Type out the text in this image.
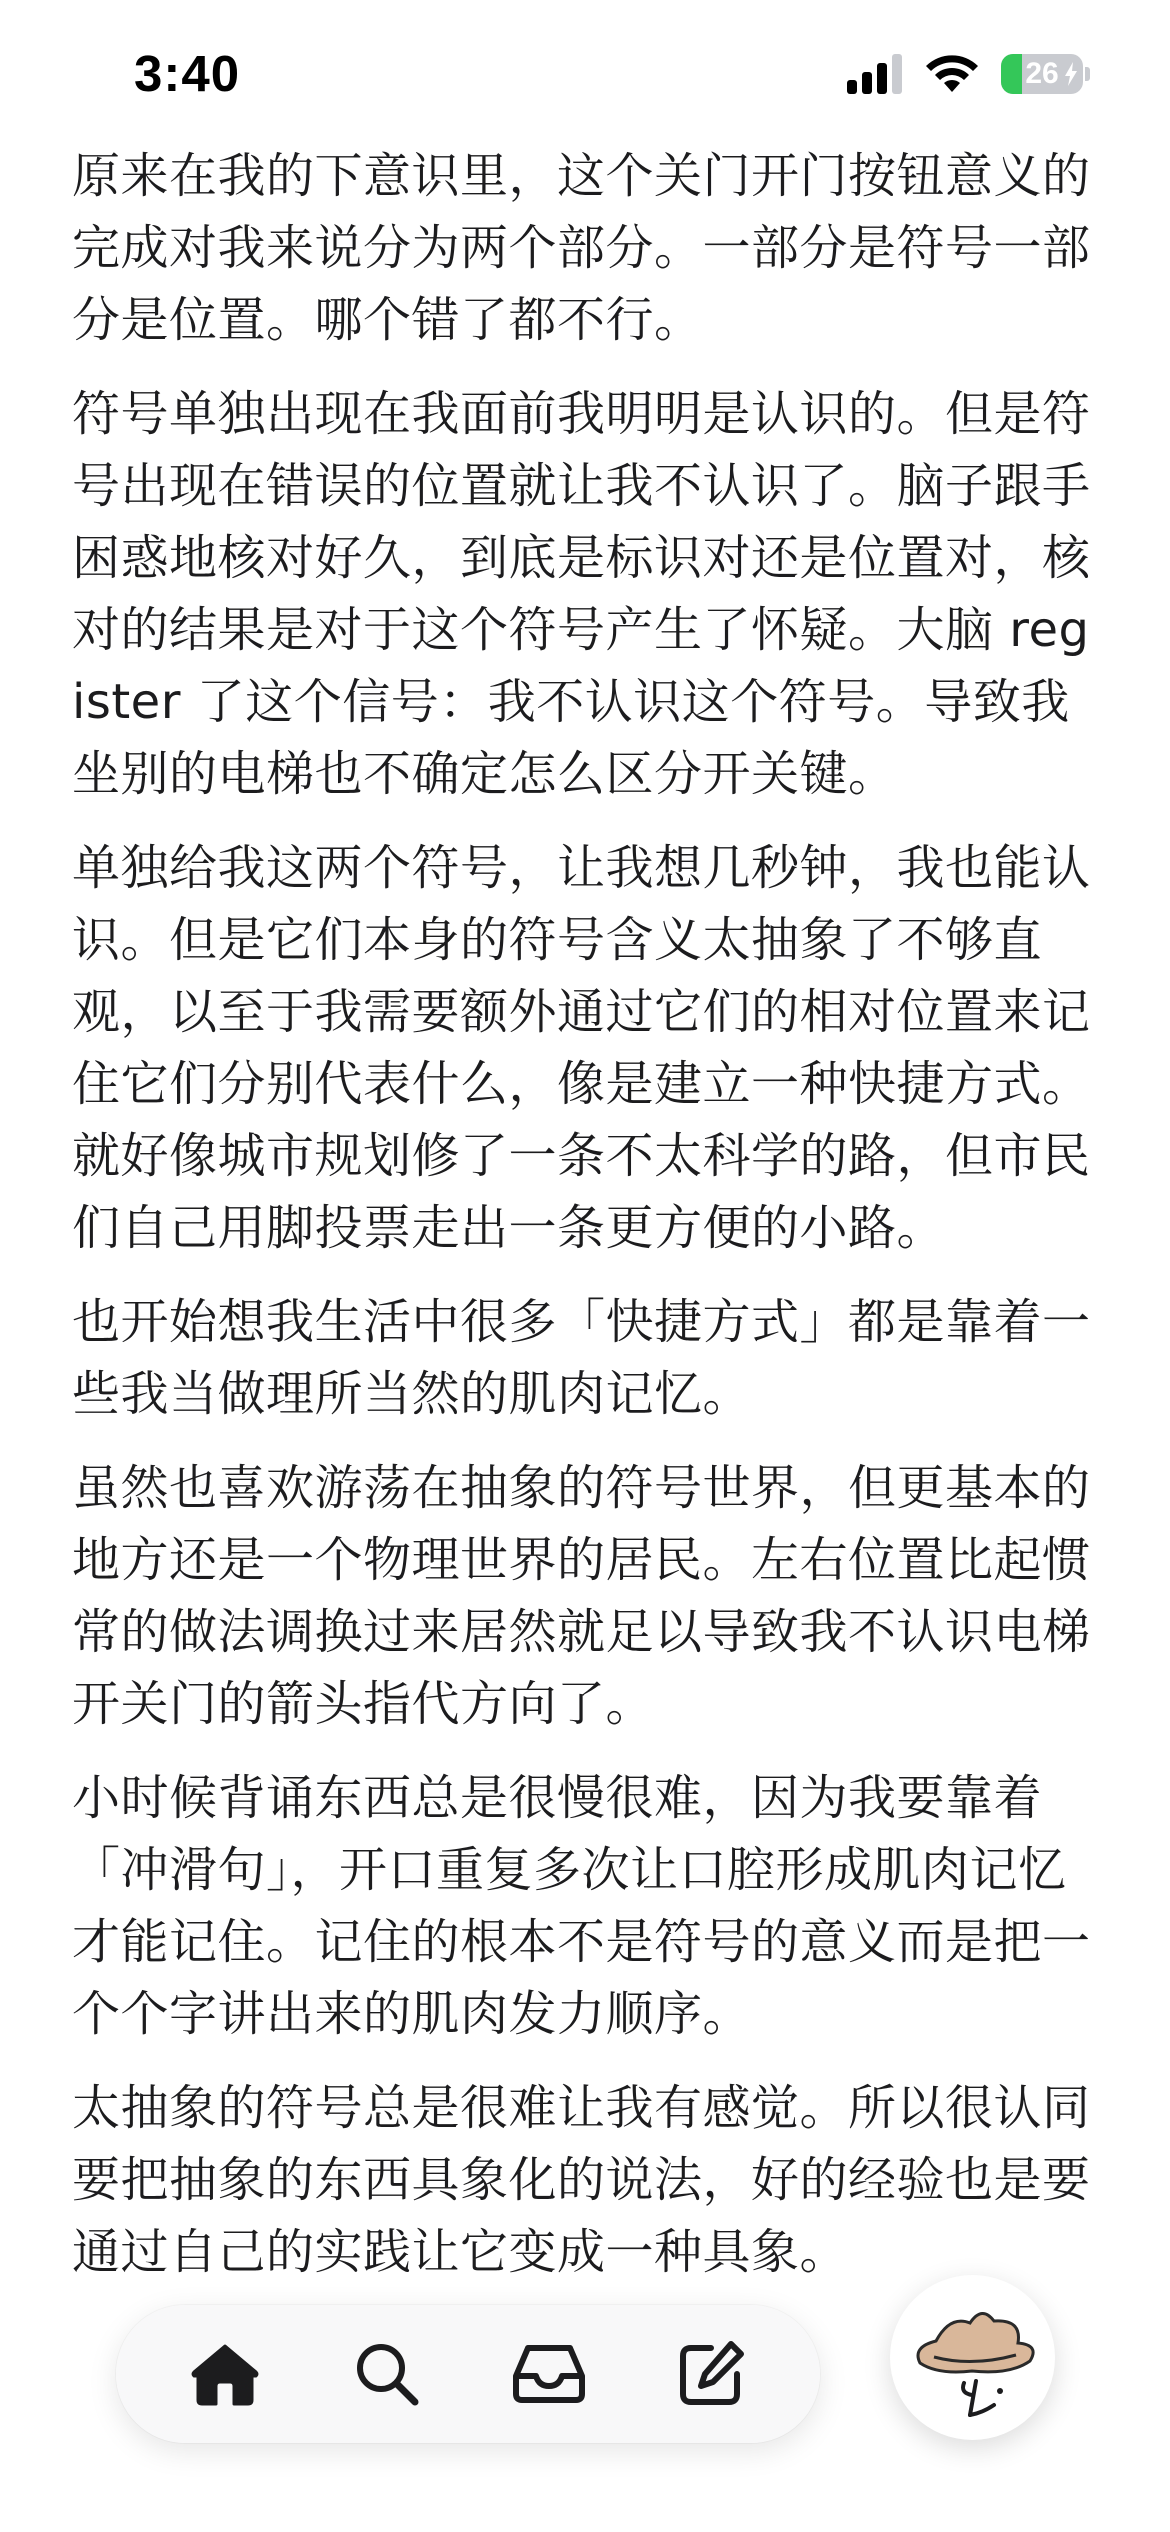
3:40	26

原来在我的下意识里，这个关门开门按钮意义的完成对我来说分为两个部分。一部分是符号一部分是位置。哪个错了都不行。

符号单独出现在我面前我明明是认识的。但是符号出现在错误的位置就让我不认识了。脑子跟手困惑地核对好久，到底是标识对还是位置对，核对的结果是对于这个符号产生了怀疑。大脑 register 了这个信号：我不认识这个符号。导致我坐别的电梯也不确定怎么区分开关键。

单独给我这两个符号，让我想几秒钟，我也能认识。但是它们本身的符号含义太抽象了不够直观，以至于我需要额外通过它们的相对位置来记住它们分别代表什么，像是建立一种快捷方式。就好像城市规划修了一条不太科学的路，但市民们自己用脚投票走出一条更方便的小路。

也开始想我生活中很多「快捷方式」都是靠着一些我当做理所当然的肌肉记忆。

虽然也喜欢游荡在抽象的符号世界，但更基本的地方还是一个物理世界的居民。左右位置比起惯常的做法调换过来居然就足以导致我不认识电梯开关门的箭头指代方向了。

小时候背诵东西总是很慢很难，因为我要靠着「冲滑句」，开口重复多次让口腔形成肌肉记忆才能记住。记住的根本不是符号的意义而是把一个个字讲出来的肌肉发力顺序。

太抽象的符号总是很难让我有感觉。所以很认同要把抽象的东西具象化的说法，好的经验也是要通过自己的实践让它变成一种具象。
